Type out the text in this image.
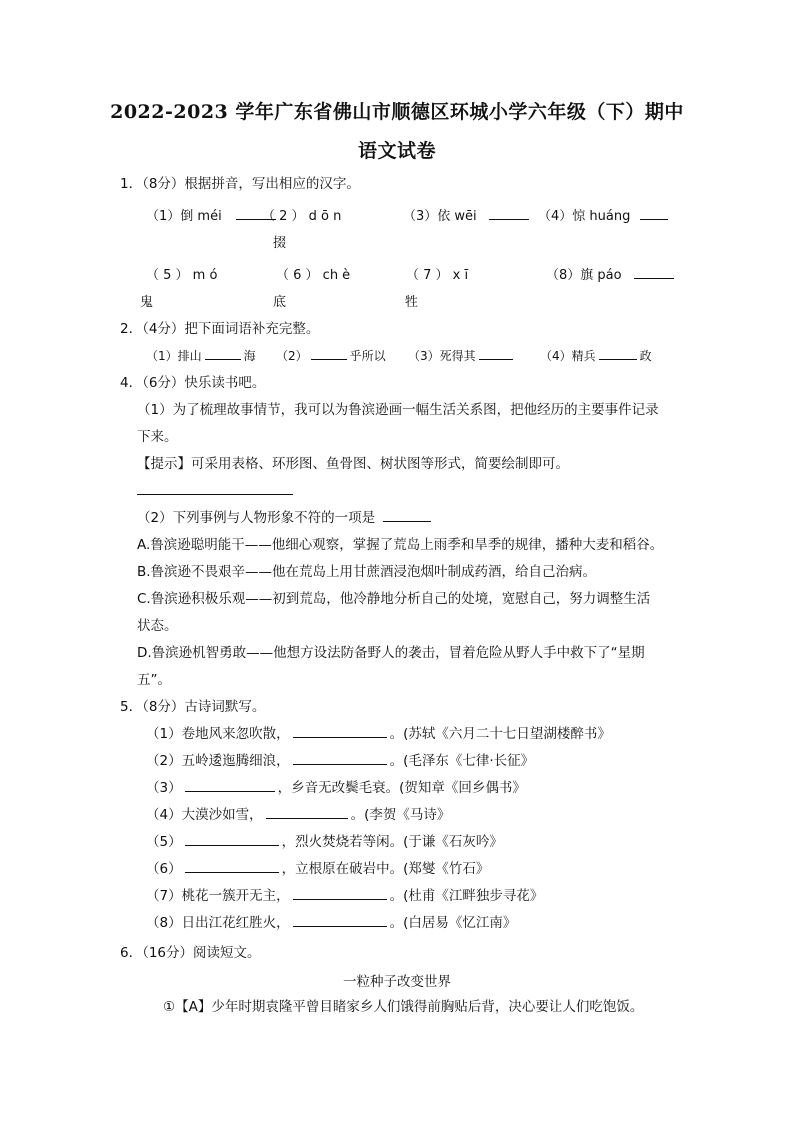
2022-2023 学年广东省佛山市顺德区环城小学六年级（下）期中
语文试卷
1．（8分）根据拼音，写出相应的汉字。
（1）倒 méi	（ 2 ） d ō n	（3）依 wēi	（4）惊 huáng
掇
（ 5 ） m ó	（ 6 ） ch è	（ 7 ） x ī	（8）旗 páo
鬼	底	牲
2．（4分）把下面词语补充完整。
（1）排山	海 （2）	乎所以 （3）死得其	（4）精兵	政
4．（6分）快乐读书吧。
（1）为了梳理故事情节，我可以为鲁滨逊画一幅生活关系图，把他经历的主要事件记录
下来。
【提示】可采用表格、环形图、鱼骨图、树状图等形式，简要绘制即可。
（2）下列事例与人物形象不符的一项是
A.鲁滨逊聪明能干——他细心观察，掌握了荒岛上雨季和旱季的规律，播种大麦和稻谷。
B.鲁滨逊不畏艰辛——他在荒岛上用甘蔗酒浸泡烟叶制成药酒，给自己治病。
C.鲁滨逊积极乐观——初到荒岛，他冷静地分析自己的处境，宽慰自己，努力调整生活
状态。
D.鲁滨逊机智勇敢——他想方设法防备野人的袭击，冒着危险从野人手中救下了“星期
五”。
5．（8分）古诗词默写。
（1）卷地风来忽吹散，	。(苏轼《六月二十七日望湖楼醉书》
（2）五岭逶迤腾细浪，	。(毛泽东《七律·长征》
（3）	，乡音无改鬓毛衰。(贺知章《回乡偶书》
（4）大漠沙如雪，	。(李贺《马诗》
（5）	，烈火焚烧若等闲。(于谦《石灰吟》
（6）	，立根原在破岩中。(郑燮《竹石》
（7）桃花一簇开无主，	。(杜甫《江畔独步寻花》
（8）日出江花红胜火，	。(白居易《忆江南》
6．（16分）阅读短文。
一粒种子改变世界
①【A】少年时期袁隆平曾目睹家乡人们饿得前胸贴后背，决心要让人们吃饱饭。
